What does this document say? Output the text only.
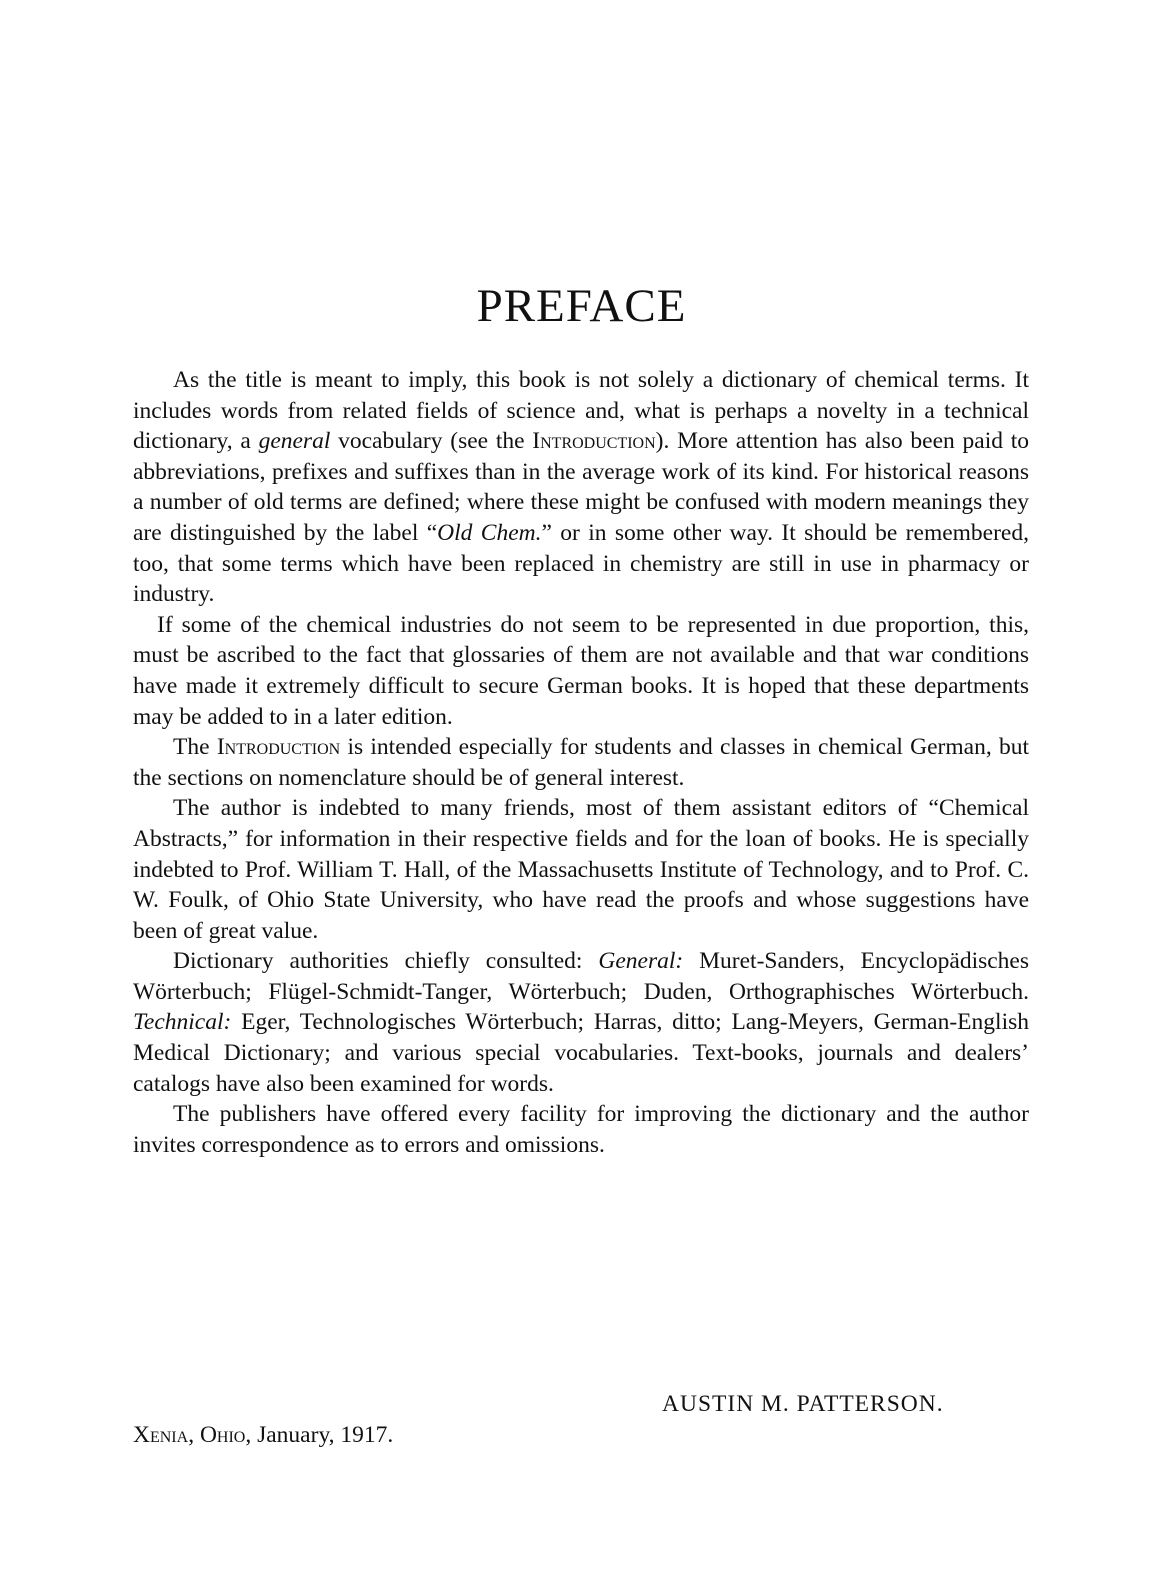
PREFACE

As the title is meant to imply, this book is not solely a dictionary of chemical terms. It includes words from related fields of science and, what is perhaps a novelty in a technical dictionary, a general vocabulary (see the Introduction). More attention has also been paid to abbreviations, prefixes and suffixes than in the average work of its kind. For historical reasons a number of old terms are defined; where these might be confused with modern meanings they are distinguished by the label “Old Chem.” or in some other way. It should be remembered, too, that some terms which have been replaced in chemistry are still in use in pharmacy or industry.

If some of the chemical industries do not seem to be represented in due proportion, this, must be ascribed to the fact that glossaries of them are not available and that war conditions have made it extremely difficult to secure German books. It is hoped that these departments may be added to in a later edition.

The Introduction is intended especially for students and classes in chemical German, but the sections on nomenclature should be of general interest.

The author is indebted to many friends, most of them assistant editors of “Chemical Abstracts,” for information in their respective fields and for the loan of books. He is specially indebted to Prof. William T. Hall, of the Massachusetts Institute of Technology, and to Prof. C. W. Foulk, of Ohio State University, who have read the proofs and whose suggestions have been of great value.

Dictionary authorities chiefly consulted: General: Muret-Sanders, Encyclopädisches Wörterbuch; Flügel-Schmidt-Tanger, Wörterbuch; Duden, Orthographisches Wörterbuch. Technical: Eger, Technologisches Wörterbuch; Harras, ditto; Lang-Meyers, German-English Medical Dictionary; and various special vocabularies. Text-books, journals and dealers’ catalogs have also been examined for words.

The publishers have offered every facility for improving the dictionary and the author invites correspondence as to errors and omissions.

AUSTIN M. PATTERSON.
Xenia, Ohio, January, 1917.
